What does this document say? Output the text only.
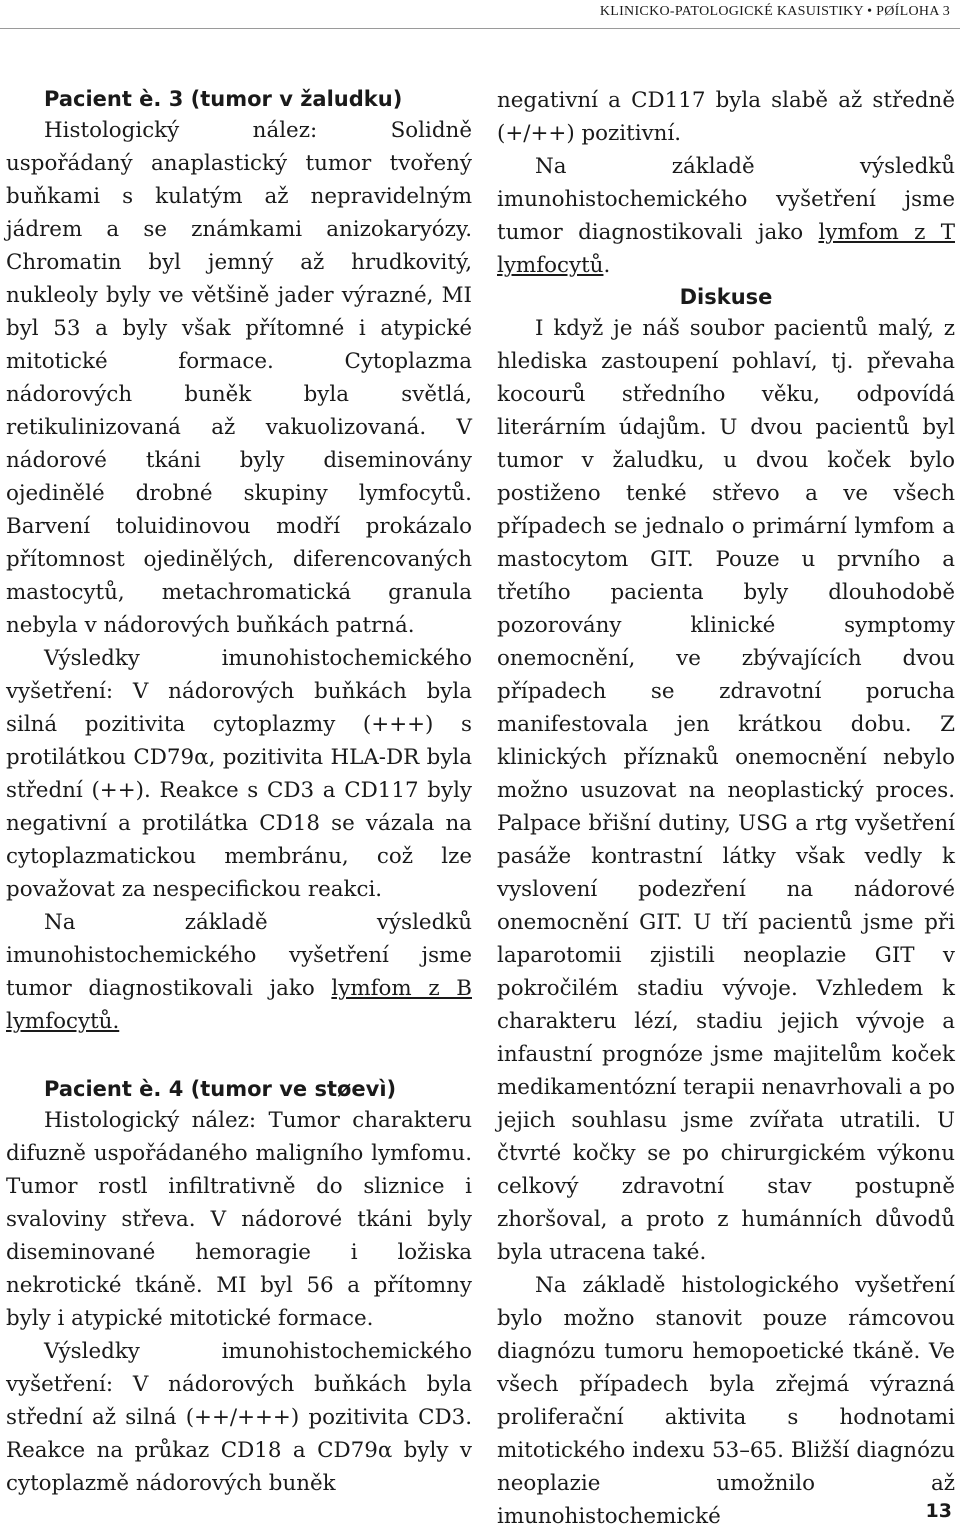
KLINICKO-PATOLOGICKÉ KASUISTIKY • PØÍLOHA 3

Pacient è. 3 (tumor v žaludku)

Histologický nález: Solidně uspořádaný anaplastický tumor tvořený buňkami s kulatým až nepravidelným jádrem a se známkami anizokaryózy. Chromatin byl jemný až hrudkovitý, nukleoly byly ve většině jader výrazné, MI byl 53 a byly však přítomné i atypické mitotické formace. Cytoplazma nádorových buněk byla světlá, retikulinizovaná až vakuolizovaná. V nádorové tkáni byly diseminovány ojedinělé drobné skupiny lymfocytů. Barvení toluidinovou modří prokázalo přítomnost ojedinělých, diferencovaných mastocytů, metachromatická granula nebyla v nádorových buňkách patrná.

Výsledky imunohistochemického vyšetření: V nádorových buňkách byla silná pozitivita cytoplazmy (+++) s protilátkou CD79α, pozitivita HLA-DR byla střední (++). Reakce s CD3 a CD117 byly negativní a protilátka CD18 se vázala na cytoplazmatickou membránu, což lze považovat za nespecifickou reakci.

Na základě výsledků imunohistochemického vyšetření jsme tumor diagnostikovali jako lymfom z B lymfocytů.

Pacient è. 4 (tumor ve støevì)

Histologický nález: Tumor charakteru difuzně uspořádaného maligního lymfomu. Tumor rostl infiltrativně do sliznice i svaloviny střeva. V nádorové tkáni byly diseminované hemoragie i ložiska nekrotické tkáně. MI byl 56 a přítomny byly i atypické mitotické formace.

Výsledky imunohistochemického vyšetření: V nádorových buňkách byla střední až silná (++/+++) pozitivita CD3. Reakce na průkaz CD18 a CD79α byly v cytoplazmě nádorových buněk

negativní a CD117 byla slabě až středně (+/++) pozitivní.

Na základě výsledků imunohistochemického vyšetření jsme tumor diagnostikovali jako lymfom z T lymfocytů.

Diskuse

I když je náš soubor pacientů malý, z hlediska zastoupení pohlaví, tj. převaha kocourů středního věku, odpovídá literárním údajům. U dvou pacientů byl tumor v žaludku, u dvou koček bylo postiženo tenké střevo a ve všech případech se jednalo o primární lymfom a mastocytom GIT. Pouze u prvního a třetího pacienta byly dlouhodobě pozorovány klinické symptomy onemocnění, ve zbývajících dvou případech se zdravotní porucha manifestovala jen krátkou dobu. Z klinických příznaků onemocnění nebylo možno usuzovat na neoplastický proces. Palpace břišní dutiny, USG a rtg vyšetření pasáže kontrastní látky však vedly k vyslovení podezření na nádorové onemocnění GIT. U tří pacientů jsme při laparotomii zjistili neoplazie GIT v pokročilém stadiu vývoje. Vzhledem k charakteru lézí, stadiu jejich vývoje a infaustní prognóze jsme majitelům koček medikamentózní terapii nenavrhovali a po jejich souhlasu jsme zvířata utratili. U čtvrté kočky se po chirurgickém výkonu celkový zdravotní stav postupně zhoršoval, a proto z humánních důvodů byla utracena také.

Na základě histologického vyšetření bylo možno stanovit pouze rámcovou diagnózu tumoru hemopoetické tkáně. Ve všech případech byla zřejmá výrazná proliferační aktivita s hodnotami mitotického indexu 53–65. Bližší diagnózu neoplazie umožnilo až imunohistochemické	13
